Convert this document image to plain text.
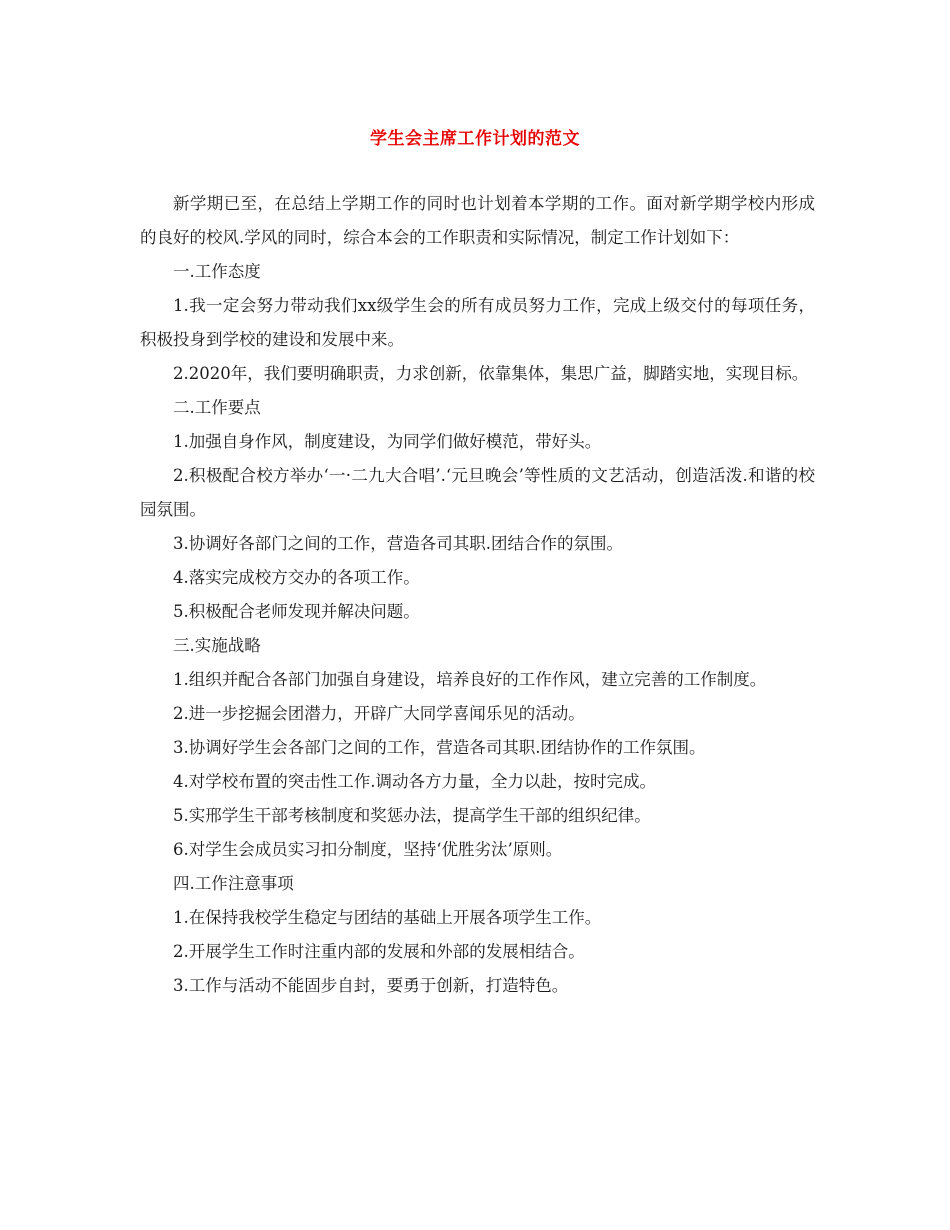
学生会主席工作计划的范文

新学期已至，在总结上学期工作的同时也计划着本学期的工作。面对新学期学校内形成的良好的校风.学风的同时，综合本会的工作职责和实际情况，制定工作计划如下：

一.工作态度

1.我一定会努力带动我们xx级学生会的所有成员努力工作，完成上级交付的每项任务，积极投身到学校的建设和发展中来。

2.2020年，我们要明确职责，力求创新，依靠集体，集思广益，脚踏实地，实现目标。

二.工作要点

1.加强自身作风，制度建设，为同学们做好模范，带好头。

2.积极配合校方举办‘一·二九大合唱’.‘元旦晚会’等性质的文艺活动，创造活泼.和谐的校园氛围。

3.协调好各部门之间的工作，营造各司其职.团结合作的氛围。

4.落实完成校方交办的各项工作。

5.积极配合老师发现并解决问题。

三.实施战略

1.组织并配合各部门加强自身建设，培养良好的工作作风，建立完善的工作制度。

2.进一步挖掘会团潜力，开辟广大同学喜闻乐见的活动。

3.协调好学生会各部门之间的工作，营造各司其职.团结协作的工作氛围。

4.对学校布置的突击性工作.调动各方力量，全力以赴，按时完成。

5.实邢学生干部考核制度和奖惩办法，提高学生干部的组织纪律。

6.对学生会成员实习扣分制度，坚持‘优胜劣汰’原则。

四.工作注意事项

1.在保持我校学生稳定与团结的基础上开展各项学生工作。

2.开展学生工作时注重内部的发展和外部的发展相结合。

3.工作与活动不能固步自封，要勇于创新，打造特色。
